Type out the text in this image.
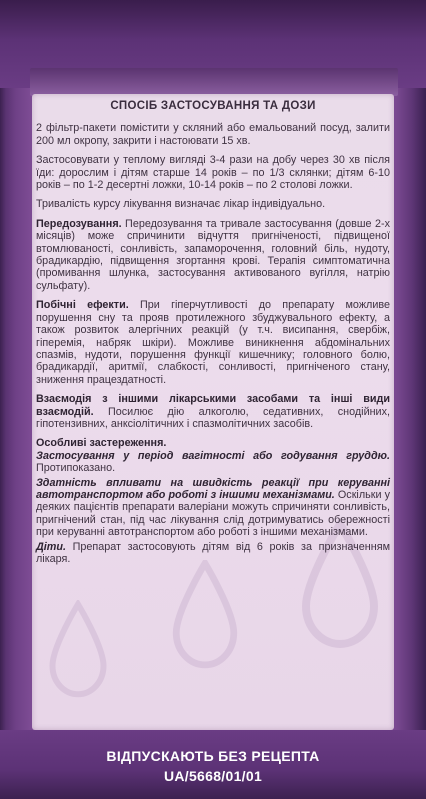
СПОСІБ ЗАСТОСУВАННЯ ТА ДОЗИ

2 фільтр-пакети помістити у скляний або емальований посуд, залити 200 мл окропу, закрити і настоювати 15 хв.

Застосовувати у теплому вигляді 3-4 рази на добу через 30 хв після їди: дорослим і дітям старше 14 років – по 1/3 склянки; дітям 6-10 років – по 1-2 десертні ложки, 10-14 років – по 2 столові ложки.

Тривалість курсу лікування визначає лікар індивідуально.

Передозування. Передозування та тривале застосування (довше 2-х місяців) може спричинити відчуття пригніченості, підвищеної втомлюваності, сонливість, запаморочення, головний біль, нудоту, брадикардію, підвищення згортання крові. Терапія симптоматична (промивання шлунка, застосування активованого вугілля, натрію сульфату).

Побічні ефекти. При гіперчутливості до препарату можливе порушення сну та прояв протилежного збуджувального ефекту, а також розвиток алергічних реакцій (у т.ч. висипання, свербіж, гіперемія, набряк шкіри). Можливе виникнення абдомінальних спазмів, нудоти, порушення функції кишечнику; головного болю, брадикардії, аритмії, слабкості, сонливості, пригніченого стану, зниження працездатності.

Взаємодія з іншими лікарськими засобами та інші види взаємодій. Посилює дію алкоголю, седативних, снодійних, гіпотензивних, анксіолітичних і спазмолітичних засобів.

Особливі застереження.

Застосування у період вагітності або годування груддю. Протипоказано.

Здатність впливати на швидкість реакції при керуванні автотранспортом або роботі з іншими механізмами. Оскільки у деяких пацієнтів препарати валеріани можуть спричиняти сонливість, пригнічений стан, під час лікування слід дотримуватись обережності при керуванні автотранспортом або роботі з іншими механізмами.

Діти. Препарат застосовують дітям від 6 років за призначенням лікаря.

ВІДПУСКАЮТЬ БЕЗ РЕЦЕПТА
UA/5668/01/01
